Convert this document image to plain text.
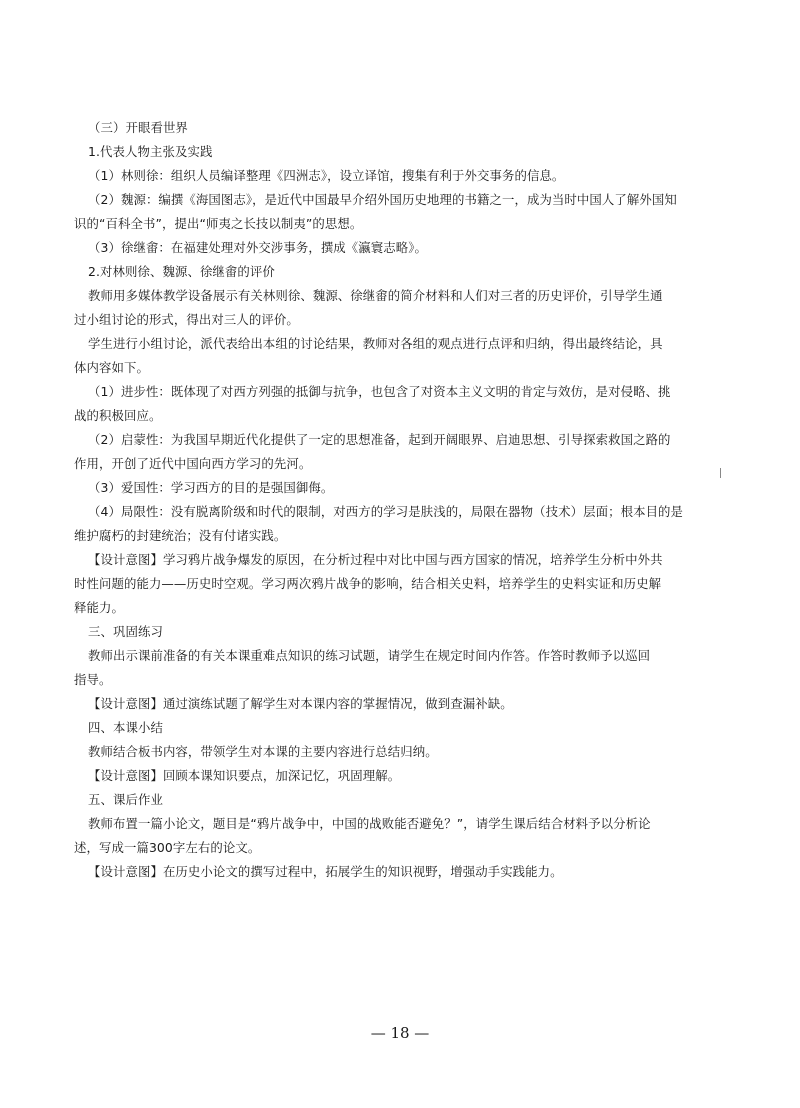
（三）开眼看世界
1.代表人物主张及实践
（1）林则徐：组织人员编译整理《四洲志》，设立译馆，搜集有利于外交事务的信息。
（2）魏源：编撰《海国图志》，是近代中国最早介绍外国历史地理的书籍之一，成为当时中国人了解外国知
识的“百科全书”，提出“师夷之长技以制夷”的思想。
（3）徐继畬：在福建处理对外交涉事务，撰成《瀛寰志略》。
2.对林则徐、魏源、徐继畬的评价
教师用多媒体教学设备展示有关林则徐、魏源、徐继畬的简介材料和人们对三者的历史评价，引导学生通
过小组讨论的形式，得出对三人的评价。
学生进行小组讨论，派代表给出本组的讨论结果，教师对各组的观点进行点评和归纳，得出最终结论，具
体内容如下。
（1）进步性：既体现了对西方列强的抵御与抗争，也包含了对资本主义文明的肯定与效仿，是对侵略、挑
战的积极回应。
（2）启蒙性：为我国早期近代化提供了一定的思想准备，起到开阔眼界、启迪思想、引导探索救国之路的
作用，开创了近代中国向西方学习的先河。
（3）爱国性：学习西方的目的是强国御侮。
（4）局限性：没有脱离阶级和时代的限制，对西方的学习是肤浅的，局限在器物（技术）层面；根本目的是
维护腐朽的封建统治；没有付诸实践。
【设计意图】学习鸦片战争爆发的原因，在分析过程中对比中国与西方国家的情况，培养学生分析中外共
时性问题的能力——历史时空观。学习两次鸦片战争的影响，结合相关史料，培养学生的史料实证和历史解
释能力。
三、巩固练习
教师出示课前准备的有关本课重难点知识的练习试题，请学生在规定时间内作答。作答时教师予以巡回
指导。
【设计意图】通过演练试题了解学生对本课内容的掌握情况，做到查漏补缺。
四、本课小结
教师结合板书内容，带领学生对本课的主要内容进行总结归纳。
【设计意图】回顾本课知识要点，加深记忆，巩固理解。
五、课后作业
教师布置一篇小论文，题目是“鸦片战争中，中国的战败能否避免？”，请学生课后结合材料予以分析论
述，写成一篇300字左右的论文。
【设计意图】在历史小论文的撰写过程中，拓展学生的知识视野，增强动手实践能力。
— 18 —
